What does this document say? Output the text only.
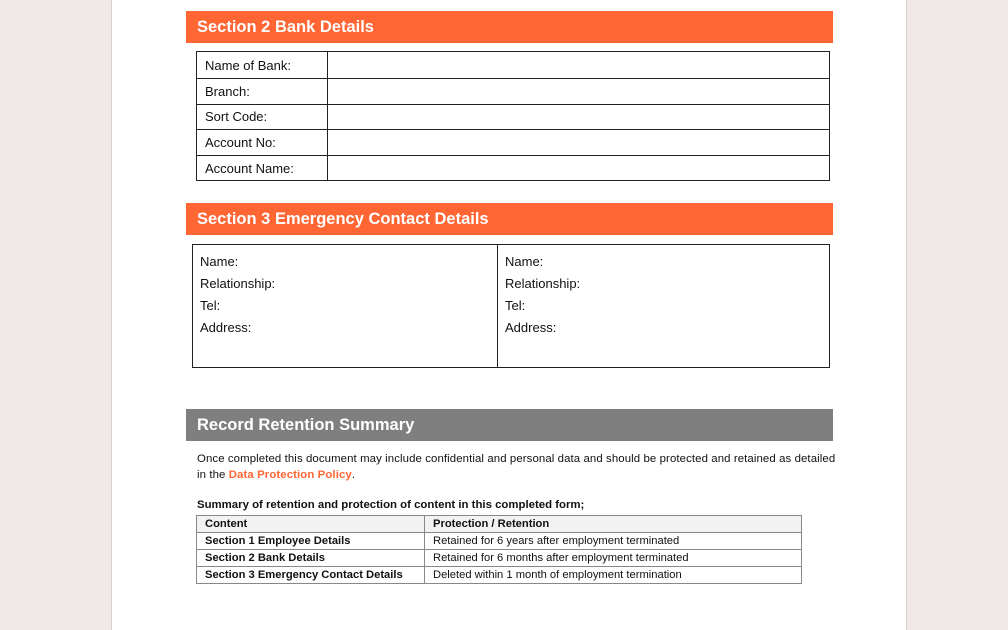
Section 2 Bank Details
Name of Bank:	
Branch:	
Sort Code:	
Account No:	
Account Name:	
Section 3 Emergency Contact Details
Name:
Relationship:
Tel:
Address:
Name:
Relationship:
Tel:
Address:
Record Retention Summary
Once completed this document may include confidential and personal data and should be protected and retained as detailed in the Data Protection Policy.
Summary of retention and protection of content in this completed form;
Content	Protection / Retention
Section 1 Employee Details	Retained for 6 years after employment terminated
Section 2 Bank Details	Retained for 6 months after employment terminated
Section 3 Emergency Contact Details	Deleted within 1 month of employment termination
